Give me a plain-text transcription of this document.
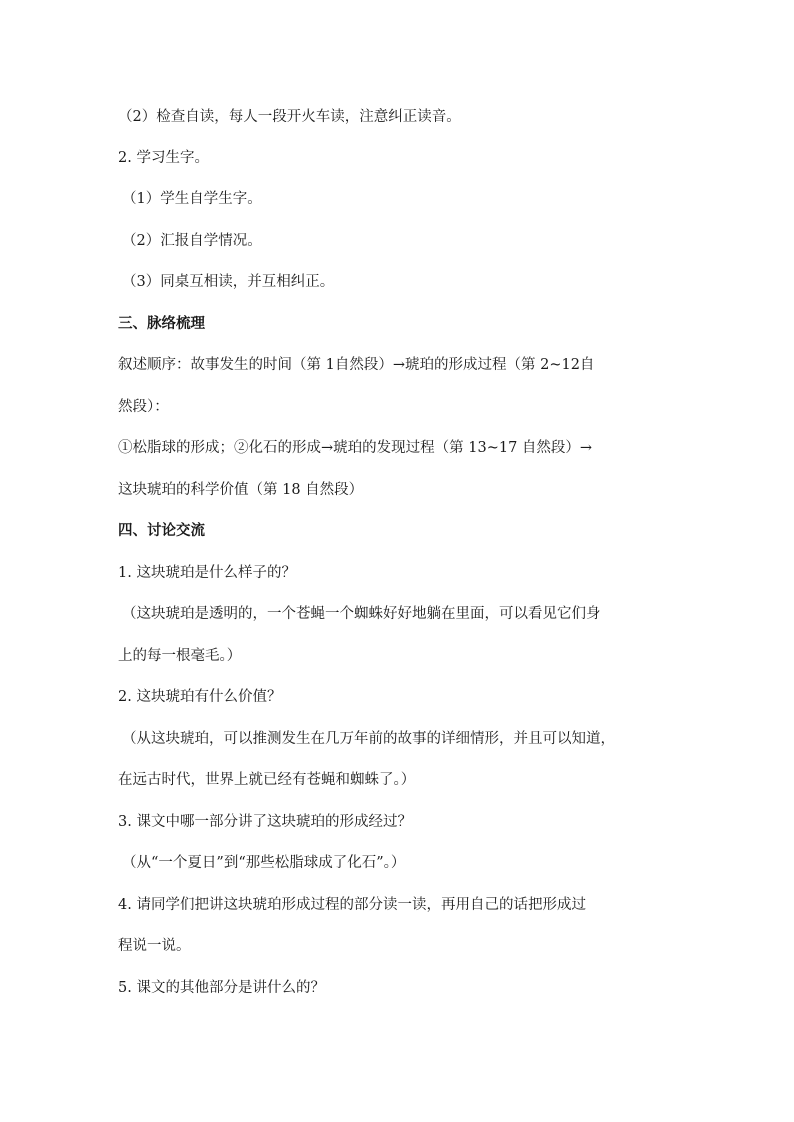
（2）检查自读，每人一段开火车读，注意纠正读音。
2. 学习生字。
（1）学生自学生字。
（2）汇报自学情况。
（3）同桌互相读，并互相纠正。
三、脉络梳理
叙述顺序：故事发生的时间（第 1自然段）→琥珀的形成过程（第 2~12自
然段）：
①松脂球的形成；②化石的形成→琥珀的发现过程（第 13~17 自然段）→
这块琥珀的科学价值（第 18 自然段）
四、讨论交流
1. 这块琥珀是什么样子的？
（这块琥珀是透明的，一个苍蝇一个蜘蛛好好地躺在里面，可以看见它们身
上的每一根毫毛。）
2. 这块琥珀有什么价值？
（从这块琥珀，可以推测发生在几万年前的故事的详细情形，并且可以知道，
在远古时代，世界上就已经有苍蝇和蜘蛛了。）
3. 课文中哪一部分讲了这块琥珀的形成经过？
（从“一个夏日”到“那些松脂球成了化石”。）
4. 请同学们把讲这块琥珀形成过程的部分读一读，再用自己的话把形成过
程说一说。
5. 课文的其他部分是讲什么的？
